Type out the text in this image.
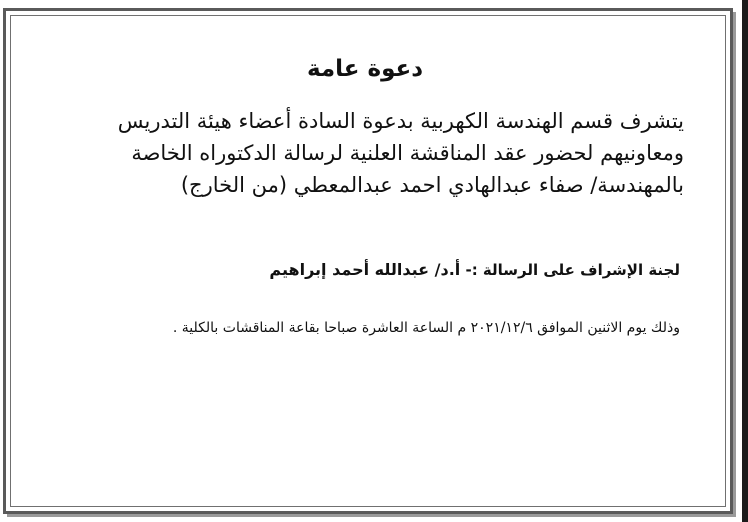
دعوة عامة
يتشرف قسم الهندسة الكهربية بدعوة السادة أعضاء هيئة التدريس
ومعاونيهم لحضور عقد المناقشة العلنية لرسالة الدكتوراه الخاصة
بالمهندسة/ صفاء عبدالهادي احمد عبدالمعطي (من الخارج)
لجنة الإشراف على الرسالة :- أ.د/ عبدالله أحمد إبراهيم
وذلك يوم الاثنين الموافق ٢٠٢١/١٢/٦ م الساعة العاشرة صباحا بقاعة المناقشات بالكلية .
